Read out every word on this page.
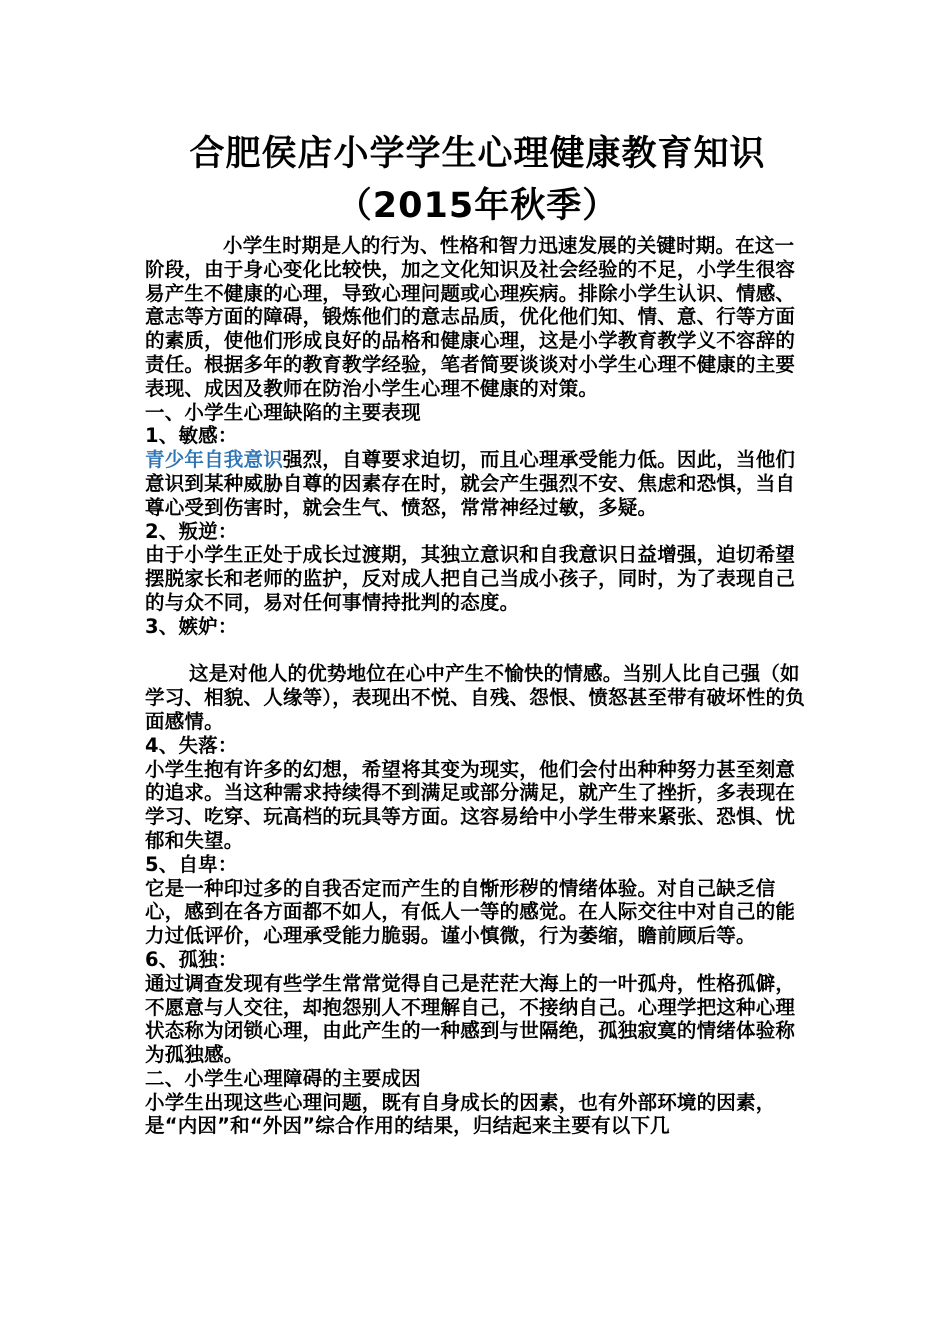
合肥侯店小学学生心理健康教育知识
（2015年秋季）

小学生时期是人的行为、性格和智力迅速发展的关键时期。在这一阶段，由于身心变化比较快，加之文化知识及社会经验的不足，小学生很容易产生不健康的心理，导致心理问题或心理疾病。排除小学生认识、情感、意志等方面的障碍，锻炼他们的意志品质，优化他们知、情、意、行等方面的素质，使他们形成良好的品格和健康心理，这是小学教育教学义不容辞的责任。根据多年的教育教学经验，笔者简要谈谈对小学生心理不健康的主要表现、成因及教师在防治小学生心理不健康的对策。

一、小学生心理缺陷的主要表现

1、敏感：

青少年自我意识强烈，自尊要求迫切，而且心理承受能力低。因此，当他们意识到某种威胁自尊的因素存在时，就会产生强烈不安、焦虑和恐惧，当自尊心受到伤害时，就会生气、愤怒，常常神经过敏，多疑。

2、叛逆：

由于小学生正处于成长过渡期，其独立意识和自我意识日益增强，迫切希望摆脱家长和老师的监护，反对成人把自己当成小孩子，同时，为了表现自己的与众不同，易对任何事情持批判的态度。

3、嫉妒：

这是对他人的优势地位在心中产生不愉快的情感。当别人比自己强（如学习、相貌、人缘等），表现出不悦、自残、怨恨、愤怒甚至带有破坏性的负面感情。

4、失落：

小学生抱有许多的幻想，希望将其变为现实，他们会付出种种努力甚至刻意的追求。当这种需求持续得不到满足或部分满足，就产生了挫折，多表现在学习、吃穿、玩高档的玩具等方面。这容易给中小学生带来紧张、恐惧、忧郁和失望。

5、自卑：

它是一种印过多的自我否定而产生的自惭形秽的情绪体验。对自己缺乏信心，感到在各方面都不如人，有低人一等的感觉。在人际交往中对自己的能力过低评价，心理承受能力脆弱。谨小慎微，行为萎缩，瞻前顾后等。

6、孤独：

通过调查发现有些学生常常觉得自己是茫茫大海上的一叶孤舟，性格孤僻，不愿意与人交往，却抱怨别人不理解自己，不接纳自己。心理学把这种心理状态称为闭锁心理，由此产生的一种感到与世隔绝，孤独寂寞的情绪体验称为孤独感。

二、小学生心理障碍的主要成因

小学生出现这些心理问题，既有自身成长的因素，也有外部环境的因素，是“内因”和“外因”综合作用的结果，归结起来主要有以下几
